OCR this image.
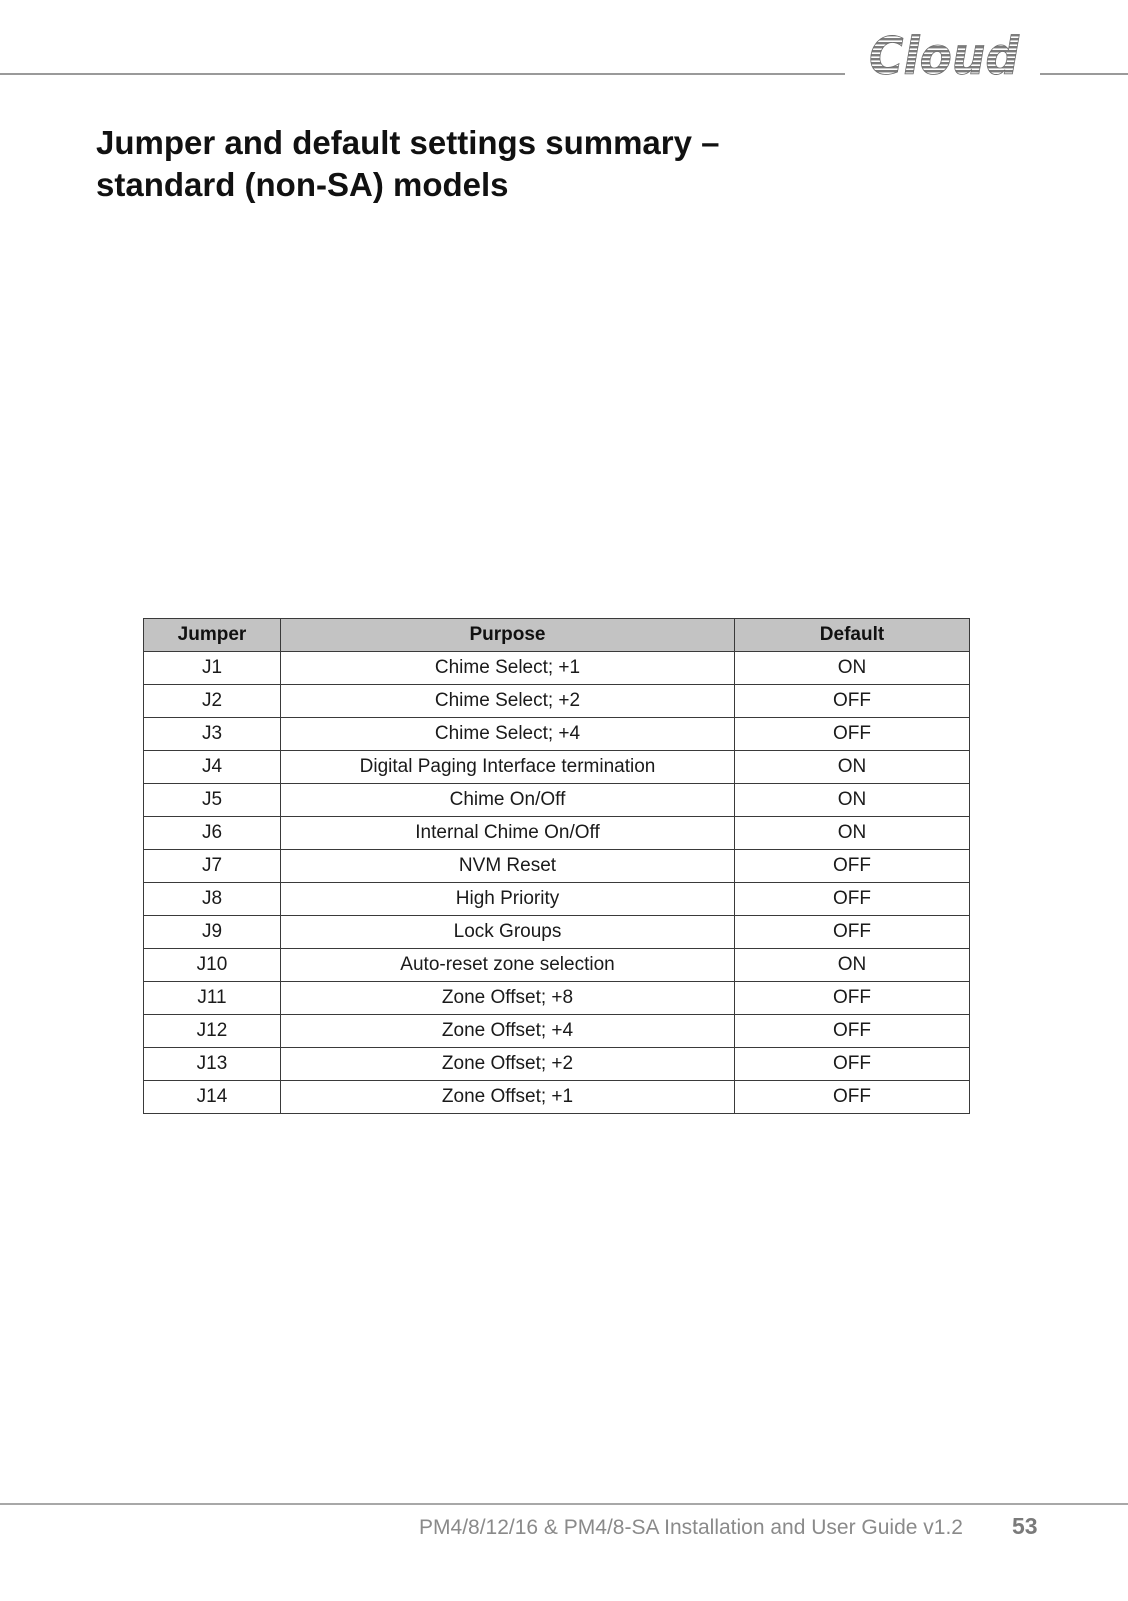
Cloud
Jumper and default settings summary –
standard (non-SA) models
Jumper	Purpose	Default
J1	Chime Select; +1	ON
J2	Chime Select; +2	OFF
J3	Chime Select; +4	OFF
J4	Digital Paging Interface termination	ON
J5	Chime On/Off	ON
J6	Internal Chime On/Off	ON
J7	NVM Reset	OFF
J8	High Priority	OFF
J9	Lock Groups	OFF
J10	Auto-reset zone selection	ON
J11	Zone Offset; +8	OFF
J12	Zone Offset; +4	OFF
J13	Zone Offset; +2	OFF
J14	Zone Offset; +1	OFF
PM4/8/12/16 & PM4/8-SA Installation and User Guide v1.2 53
